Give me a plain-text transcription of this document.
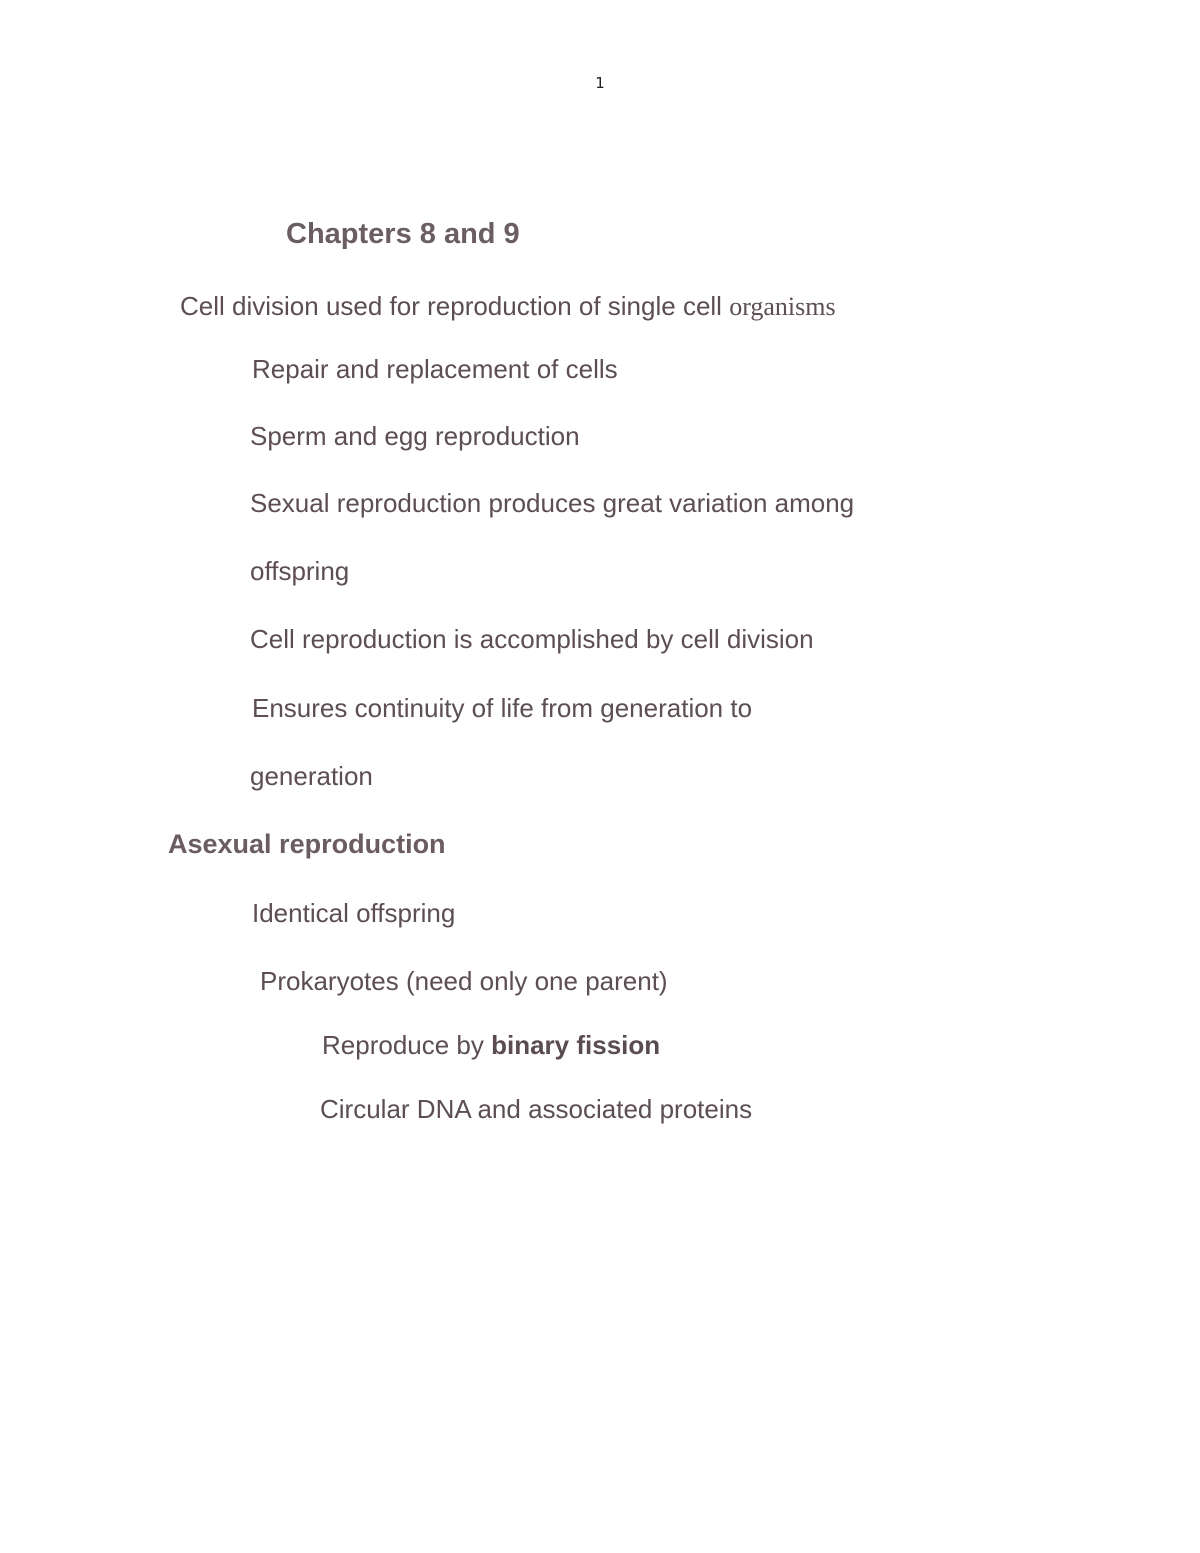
1
Chapters 8 and 9
Cell division used for reproduction of single cell organisms
Repair and replacement of cells
Sperm and egg reproduction
Sexual reproduction produces great variation among
offspring
Cell reproduction is accomplished by cell division
Ensures continuity of life from generation to
generation
Asexual reproduction
Identical offspring
Prokaryotes (need only one parent)
Reproduce by binary fission
Circular DNA and associated proteins
